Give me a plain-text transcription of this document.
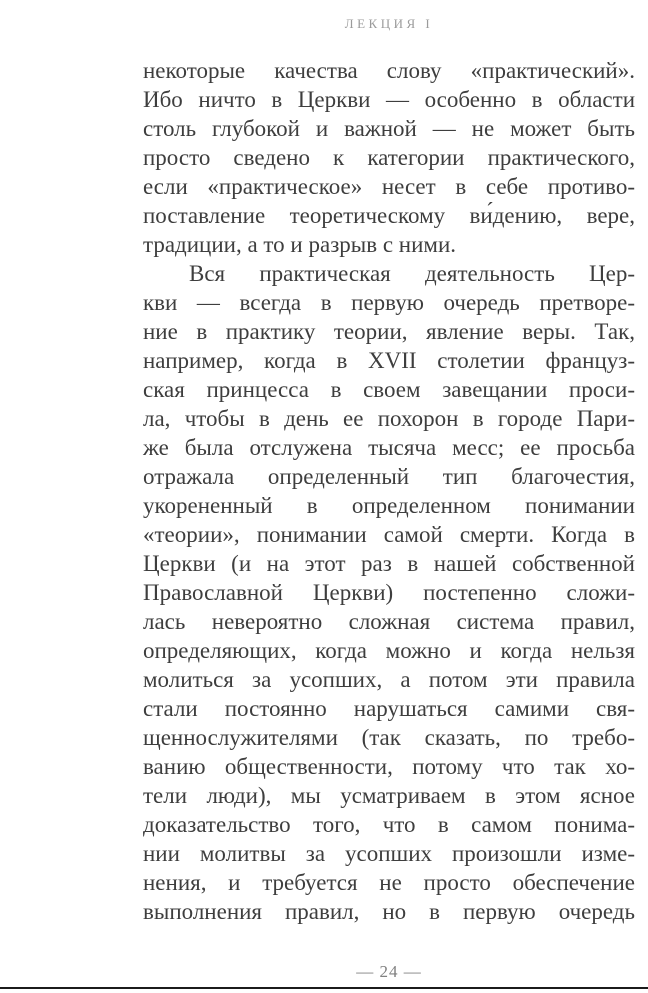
ЛЕКЦИЯ I
некоторые качества слову «практический».
Ибо ничто в Церкви — особенно в области
столь глубокой и важной — не может быть
просто сведено к категории практического,
если «практическое» несет в себе противо-
поставление теоретическому ви́дению, вере,
традиции, а то и разрыв с ними.
Вся практическая деятельность Цер-
кви — всегда в первую очередь претворе-
ние в практику теории, явление веры. Так,
например, когда в XVII столетии француз-
ская принцесса в своем завещании проси-
ла, чтобы в день ее похорон в городе Пари-
же была отслужена тысяча месс; ее просьба
отражала определенный тип благочестия,
укорененный в определенном понимании
«теории», понимании самой смерти. Когда в
Церкви (и на этот раз в нашей собственной
Православной Церкви) постепенно сложи-
лась невероятно сложная система правил,
определяющих, когда можно и когда нельзя
молиться за усопших, а потом эти правила
стали постоянно нарушаться самими свя-
щеннослужителями (так сказать, по требо-
ванию общественности, потому что так хо-
тели люди), мы усматриваем в этом ясное
доказательство того, что в самом понима-
нии молитвы за усопших произошли изме-
нения, и требуется не просто обеспечение
выполнения правил, но в первую очередь
— 24 —
